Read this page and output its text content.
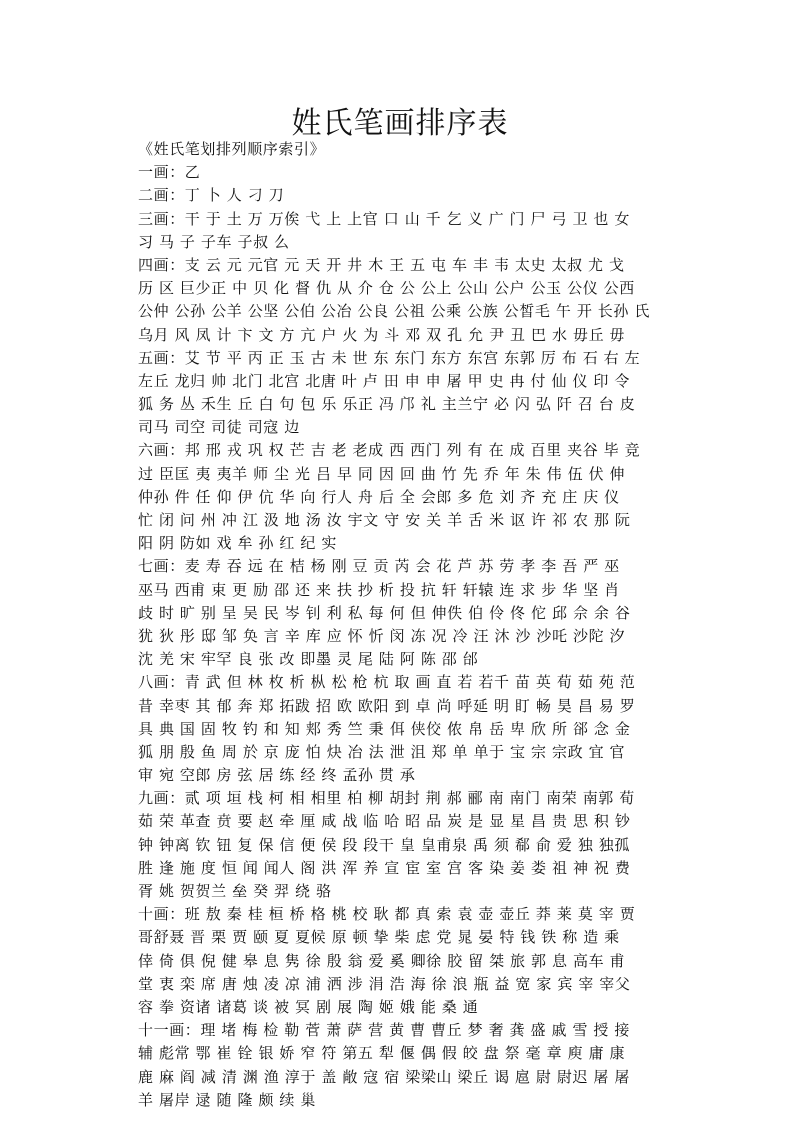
姓氏笔画排序表
《姓氏笔划排列顺序索引》
一画：乙
二画：丁 卜 人 刁 刀
三画：干 于 土 万 万俟 弋 上 上官 口 山 千 乞 义 广 门 尸 弓 卫 也 女
习 马 子 子车 子叔 么
四画：支 云 元 元官 元 天 开 井 木 王 五 屯 车 丰 韦 太史 太叔 尤 戈
历 区 巨少正 中 贝 化 督 仇 从 介 仓 公 公上 公山 公户 公玉 公仪 公西
公仲 公孙 公羊 公坚 公伯 公冶 公良 公祖 公乘 公族 公皙毛 午 开 长孙 氏
乌月 风 凤 计 卞 文 方 亢 户 火 为 斗 邓 双 孔 允 尹 丑 巴 水 毋丘 毋
五画：艾 节 平 丙 正 玉 古 未 世 东 东门 东方 东宫 东郭 厉 布 石 右 左
左丘 龙归 帅 北门 北宫 北唐 叶 卢 田 申 申 屠 甲 史 冉 付 仙 仪 印 令
狐 务 丛 禾生 丘 白 句 包 乐 乐正 冯 邝 礼 主兰宁 必 闪 弘 阡 召 台 皮
司马 司空 司徒 司寇 边
六画：邦 邢 戎 巩 权 芒 吉 老 老成 西 西门 列 有 在 成 百里 夹谷 毕 竞
过 臣匡 夷 夷羊 师 尘 光 吕 早 同 因 回 曲 竹 先 乔 年 朱 伟 伍 伏 伸
仲孙 件 任 仰 伊 伉 华 向 行人 舟 后 全 会郎 多 危 刘 齐 充 庄 庆 仪
忙 闭 问 州 冲 江 汲 地 汤 汝 宇文 守 安 关 羊 舌 米 讴 许 祁 农 那 阮
阳 阴 防如 戏 牟 孙 红 纪 实
七画：麦 寿 吞 远 在 桔 杨 刚 豆 贡 芮 会 花 芦 苏 劳 孝 李 吾 严 巫
巫马 西甫 束 更 励 邵 还 来 扶 抄 析 投 抗 轩 轩辕 连 求 步 华 坚 肖
歧 时 旷 别 呈 吴 民 岑 钊 利 私 每 何 但 伸佚 伯 伶 佟 佗 邱 佘 余 谷
犹 狄 彤 邸 邹 奂 言 辛 库 应 怀 忻 闵 冻 况 冷 汪 沐 沙 沙吒 沙陀 汐
沈 羌 宋 牢罕 良 张 改 即墨 灵 尾 陆 阿 陈 邵 邰
八画：青 武 但 林 枚 析 枞 松 枪 杭 取 画 直 若 若千 苗 英 荀 茹 苑 范
昔 幸枣 其 郁 奔 郑 拓跋 招 欧 欧阳 到 卓 尚 呼延 明 盯 畅 昊 昌 易 罗
具 典 国 固 牧 钓 和 知 郏 秀 竺 秉 佴 侠佼 侬 帛 岳 卑 欣 所 郤 念 金
狐 朋 殷 鱼 周 於 京 庞 怕 炔 冶 法 泄 沮 郑 单 单于 宝 宗 宗政 宜 官
审 宛 空郎 房 弦 居 练 经 终 孟孙 贯 承
九画：贰 项 垣 栈 柯 相 相里 柏 柳 胡封 荆 郝 郦 南 南门 南荣 南郭 荀
茹 荣 革查 贲 要 赵 牵 厘 咸 战 临 哈 昭 品 炭 是 显 星 昌 贵 思 积 钞
钟 钟离 钦 钮 复 保 信 便 侯 段 段干 皇 皇甫泉 禹 须 郗 俞 爱 独 独孤
胜 逢 施 度 恒 闻 闻人 阁 洪 浑 养 宣 宦 室 宫 客 染 姜 娄 祖 神 祝 费
胥 姚 贺贺兰 垒 癸 羿 绕 骆
十画：班 敖 秦 桂 桓 桥 格 桃 校 耿 都 真 索 袁 壶 壶丘 莽 莱 莫 宰 贾
哥舒聂 晋 栗 贾 颐 夏 夏候 原 顿 挚 柴 虑 党 晁 晏 特 钱 铁 称 造 乘
倖 倚 俱 倪 健 皋 息 隽 徐 殷 翁 爱 奚 卿徐 胶 留 桀 旅 郭 息 高车 甫
堂 衷 栾 席 唐 烛 凌 凉 浦 洒 涉 涓 浩 海 徐 浪 瓶 益 宽 家 宾 宰 宰父
容 拳 资诸 诸葛 谈 被 冥 剧 展 陶 姬 娥 能 桑 通
十一画：理 堵 梅 检 勒 菅 萧 萨 营 黄 曹 曹丘 梦 奢 龚 盛 戚 雪 授 接
辅 彪常 鄂 崔 铨 银 娇 窄 符 第五 犁 偃 偶 假 皎 盘 祭 毫 章 庾 庸 康
鹿 麻 阎 减 清 渊 渔 淳于 盖 敞 寇 宿 梁梁山 梁丘 谒 扈 尉 尉迟 屠 屠
羊 屠岸 逯 随 隆 颇 续 巢
